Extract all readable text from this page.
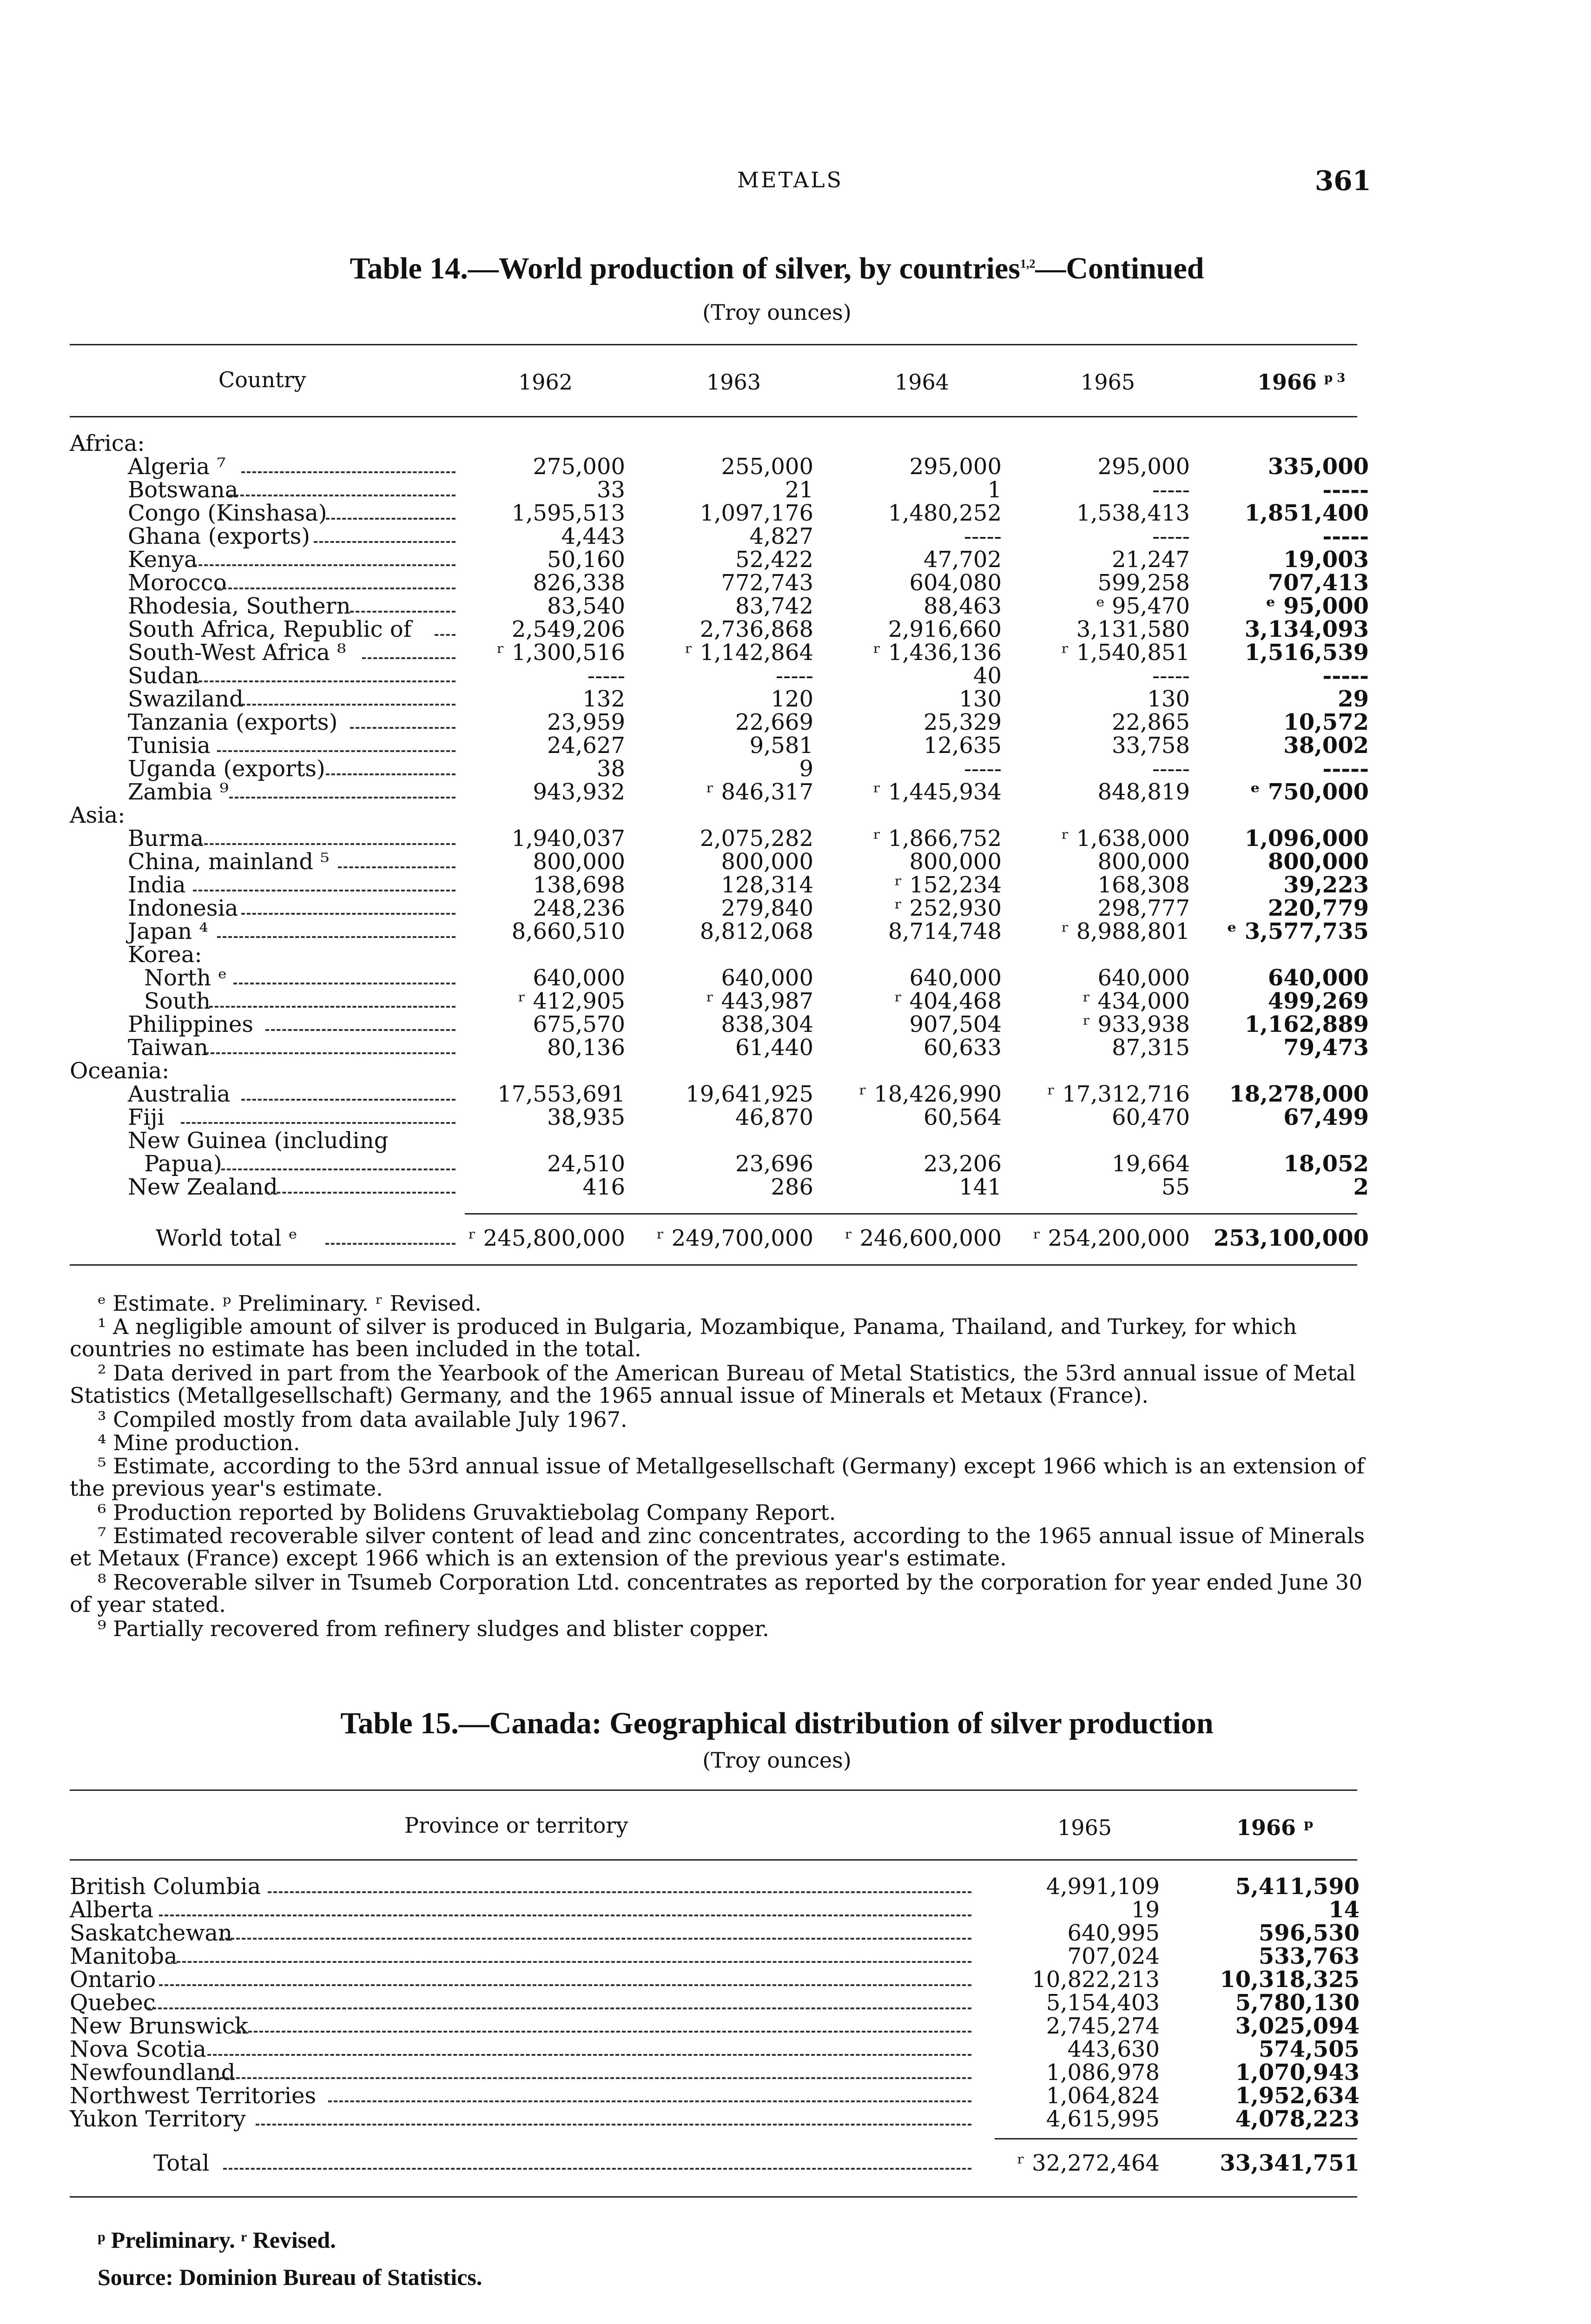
METALS	361
Table 14.—World production of silver, by countries$^{1,2}$—Continued
(Troy ounces)
Country	1962	1963	1964	1965	1966 $^{p 3}$
Africa:
Algeria ⁷	275,000	255,000	295,000	295,000	335,000
Botswana	33	21	1	-----	-----
Congo (Kinshasa)	1,595,513	1,097,176	1,480,252	1,538,413	1,851,400
Ghana (exports)	4,443	4,827	-----	-----	-----
Kenya	50,160	52,422	47,702	21,247	19,003
Morocco	826,338	772,743	604,080	599,258	707,413
Rhodesia, Southern	83,540	83,742	88,463	ᵉ 95,470	ᵉ 95,000
South Africa, Republic of	2,549,206	2,736,868	2,916,660	3,131,580	3,134,093
South-West Africa ⁸	ʳ 1,300,516	ʳ 1,142,864	ʳ 1,436,136	ʳ 1,540,851	1,516,539
Sudan	-----	-----	40	-----	-----
Swaziland	132	120	130	130	29
Tanzania (exports)	23,959	22,669	25,329	22,865	10,572
Tunisia	24,627	9,581	12,635	33,758	38,002
Uganda (exports)	38	9	-----	-----	-----
Zambia ⁹	943,932	ʳ 846,317	ʳ 1,445,934	848,819	ᵉ 750,000
Asia:
Burma	1,940,037	2,075,282	ʳ 1,866,752	ʳ 1,638,000	1,096,000
China, mainland ⁵	800,000	800,000	800,000	800,000	800,000
India	138,698	128,314	ʳ 152,234	168,308	39,223
Indonesia	248,236	279,840	ʳ 252,930	298,777	220,779
Japan ⁴	8,660,510	8,812,068	8,714,748	ʳ 8,988,801	ᵉ 3,577,735
Korea:
North ᵉ	640,000	640,000	640,000	640,000	640,000
South	ʳ 412,905	ʳ 443,987	ʳ 404,468	ʳ 434,000	499,269
Philippines	675,570	838,304	907,504	ʳ 933,938	1,162,889
Taiwan	80,136	61,440	60,633	87,315	79,473
Oceania:
Australia	17,553,691	19,641,925	ʳ 18,426,990	ʳ 17,312,716	18,278,000
Fiji	38,935	46,870	60,564	60,470	67,499
New Guinea (including
Papua)	24,510	23,696	23,206	19,664	18,052
New Zealand	416	286	141	55	2
World total ᵉ	ʳ 245,800,000	ʳ 249,700,000	ʳ 246,600,000	ʳ 254,200,000	253,100,000
ᵉ Estimate. ᵖ Preliminary. ʳ Revised.
¹ A negligible amount of silver is produced in Bulgaria, Mozambique, Panama, Thailand, and Turkey, for which countries no estimate has been included in the total.
² Data derived in part from the Yearbook of the American Bureau of Metal Statistics, the 53rd annual issue of Metal Statistics (Metallgesellschaft) Germany, and the 1965 annual issue of Minerals et Metaux (France).
³ Compiled mostly from data available July 1967.
⁴ Mine production.
⁵ Estimate, according to the 53rd annual issue of Metallgesellschaft (Germany) except 1966 which is an extension of the previous year's estimate.
⁶ Production reported by Bolidens Gruvaktiebolag Company Report.
⁷ Estimated recoverable silver content of lead and zinc concentrates, according to the 1965 annual issue of Minerals et Metaux (France) except 1966 which is an extension of the previous year's estimate.
⁸ Recoverable silver in Tsumeb Corporation Ltd. concentrates as reported by the corporation for year ended June 30 of year stated.
⁹ Partially recovered from refinery sludges and blister copper.
Table 15.—Canada: Geographical distribution of silver production
(Troy ounces)
Province or territory	1965	1966 ᵖ
British Columbia	4,991,109	5,411,590
Alberta	19	14
Saskatchewan	640,995	596,530
Manitoba	707,024	533,763
Ontario	10,822,213	10,318,325
Quebec	5,154,403	5,780,130
New Brunswick	2,745,274	3,025,094
Nova Scotia	443,630	574,505
Newfoundland	1,086,978	1,070,943
Northwest Territories	1,064,824	1,952,634
Yukon Territory	4,615,995	4,078,223
Total	ʳ 32,272,464	33,341,751
ᵖ Preliminary. ʳ Revised.
Source: Dominion Bureau of Statistics.
